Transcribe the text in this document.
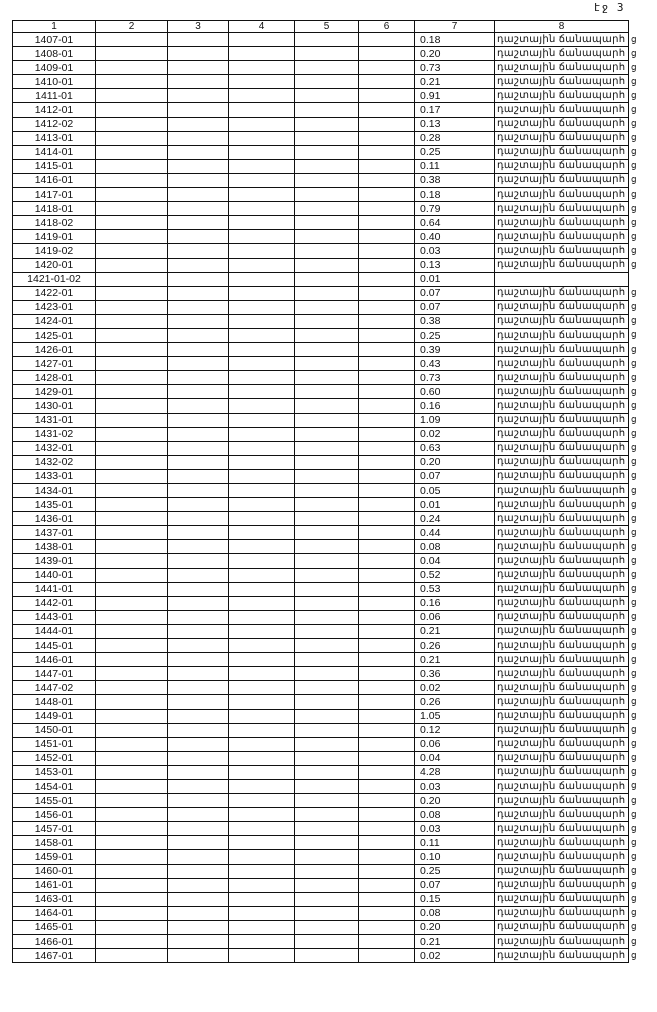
էջ 3
1	2	3	4	5	6	7	8
1407-01						0.18	դաշտային ճանապարհ
1408-01						0.20	դաշտային ճանապարհ
1409-01						0.73	դաշտային ճանապարհ
1410-01						0.21	դաշտային ճանապարհ
1411-01						0.91	դաշտային ճանապարհ
1412-01						0.17	դաշտային ճանապարհ
1412-02						0.13	դաշտային ճանապարհ
1413-01						0.28	դաշտային ճանապարհ
1414-01						0.25	դաշտային ճանապարհ
1415-01						0.11	դաշտային ճանապարհ
1416-01						0.38	դաշտային ճանապարհ
1417-01						0.18	դաշտային ճանապարհ
1418-01						0.79	դաշտային ճանապարհ
1418-02						0.64	դաշտային ճանապարհ
1419-01						0.40	դաշտային ճանապարհ
1419-02						0.03	դաշտային ճանապարհ
1420-01						0.13	դաշտային ճանապարհ
1421-01-02						0.01	
1422-01						0.07	դաշտային ճանապարհ
1423-01						0.07	դաշտային ճանապարհ
1424-01						0.38	դաշտային ճանապարհ
1425-01						0.25	դաշտային ճանապարհ
1426-01						0.39	դաշտային ճանապարհ
1427-01						0.43	դաշտային ճանապարհ
1428-01						0.73	դաշտային ճանապարհ
1429-01						0.60	դաշտային ճանապարհ
1430-01						0.16	դաշտային ճանապարհ
1431-01						1.09	դաշտային ճանապարհ
1431-02						0.02	դաշտային ճանապարհ
1432-01						0.63	դաշտային ճանապարհ
1432-02						0.20	դաշտային ճանապարհ
1433-01						0.07	դաշտային ճանապարհ
1434-01						0.05	դաշտային ճանապարհ
1435-01						0.01	դաշտային ճանապարհ
1436-01						0.24	դաշտային ճանապարհ
1437-01						0.44	դաշտային ճանապարհ
1438-01						0.08	դաշտային ճանապարհ
1439-01						0.04	դաշտային ճանապարհ
1440-01						0.52	դաշտային ճանապարհ
1441-01						0.53	դաշտային ճանապարհ
1442-01						0.16	դաշտային ճանապարհ
1443-01						0.06	դաշտային ճանապարհ
1444-01						0.21	դաշտային ճանապարհ
1445-01						0.26	դաշտային ճանապարհ
1446-01						0.21	դաշտային ճանապարհ
1447-01						0.36	դաշտային ճանապարհ
1447-02						0.02	դաշտային ճանապարհ
1448-01						0.26	դաշտային ճանապարհ
1449-01						1.05	դաշտային ճանապարհ
1450-01						0.12	դաշտային ճանապարհ
1451-01						0.06	դաշտային ճանապարհ
1452-01						0.04	դաշտային ճանապարհ
1453-01						4.28	դաշտային ճանապարհ
1454-01						0.03	դաշտային ճանապարհ
1455-01						0.20	դաշտային ճանապարհ
1456-01						0.08	դաշտային ճանապարհ
1457-01						0.03	դաշտային ճանապարհ
1458-01						0.11	դաշտային ճանապարհ
1459-01						0.10	դաշտային ճանապարհ
1460-01						0.25	դաշտային ճանապարհ
1461-01						0.07	դաշտային ճանապարհ
1463-01						0.15	դաշտային ճանապարհ
1464-01						0.08	դաշտային ճանապարհ
1465-01						0.20	դաշտային ճանապարհ
1466-01						0.21	դաշտային ճանապարհ
1467-01						0.02	դաշտային ճանապարհ
ց
ց
ց
ց
ց
ց
ց
ց
ց
ց
ց
ց
ց
ց
ց
ց
ց
ց
ց
ց
ց
ց
ց
ց
ց
ց
ց
ց
ց
ց
ց
ց
ց
ց
ց
ց
ց
ց
ց
ց
ց
ց
ց
ց
ց
ց
ց
ց
ց
ց
ց
ց
ց
ց
ց
ց
ց
ց
ց
ց
ց
ց
ց
ց
ց
